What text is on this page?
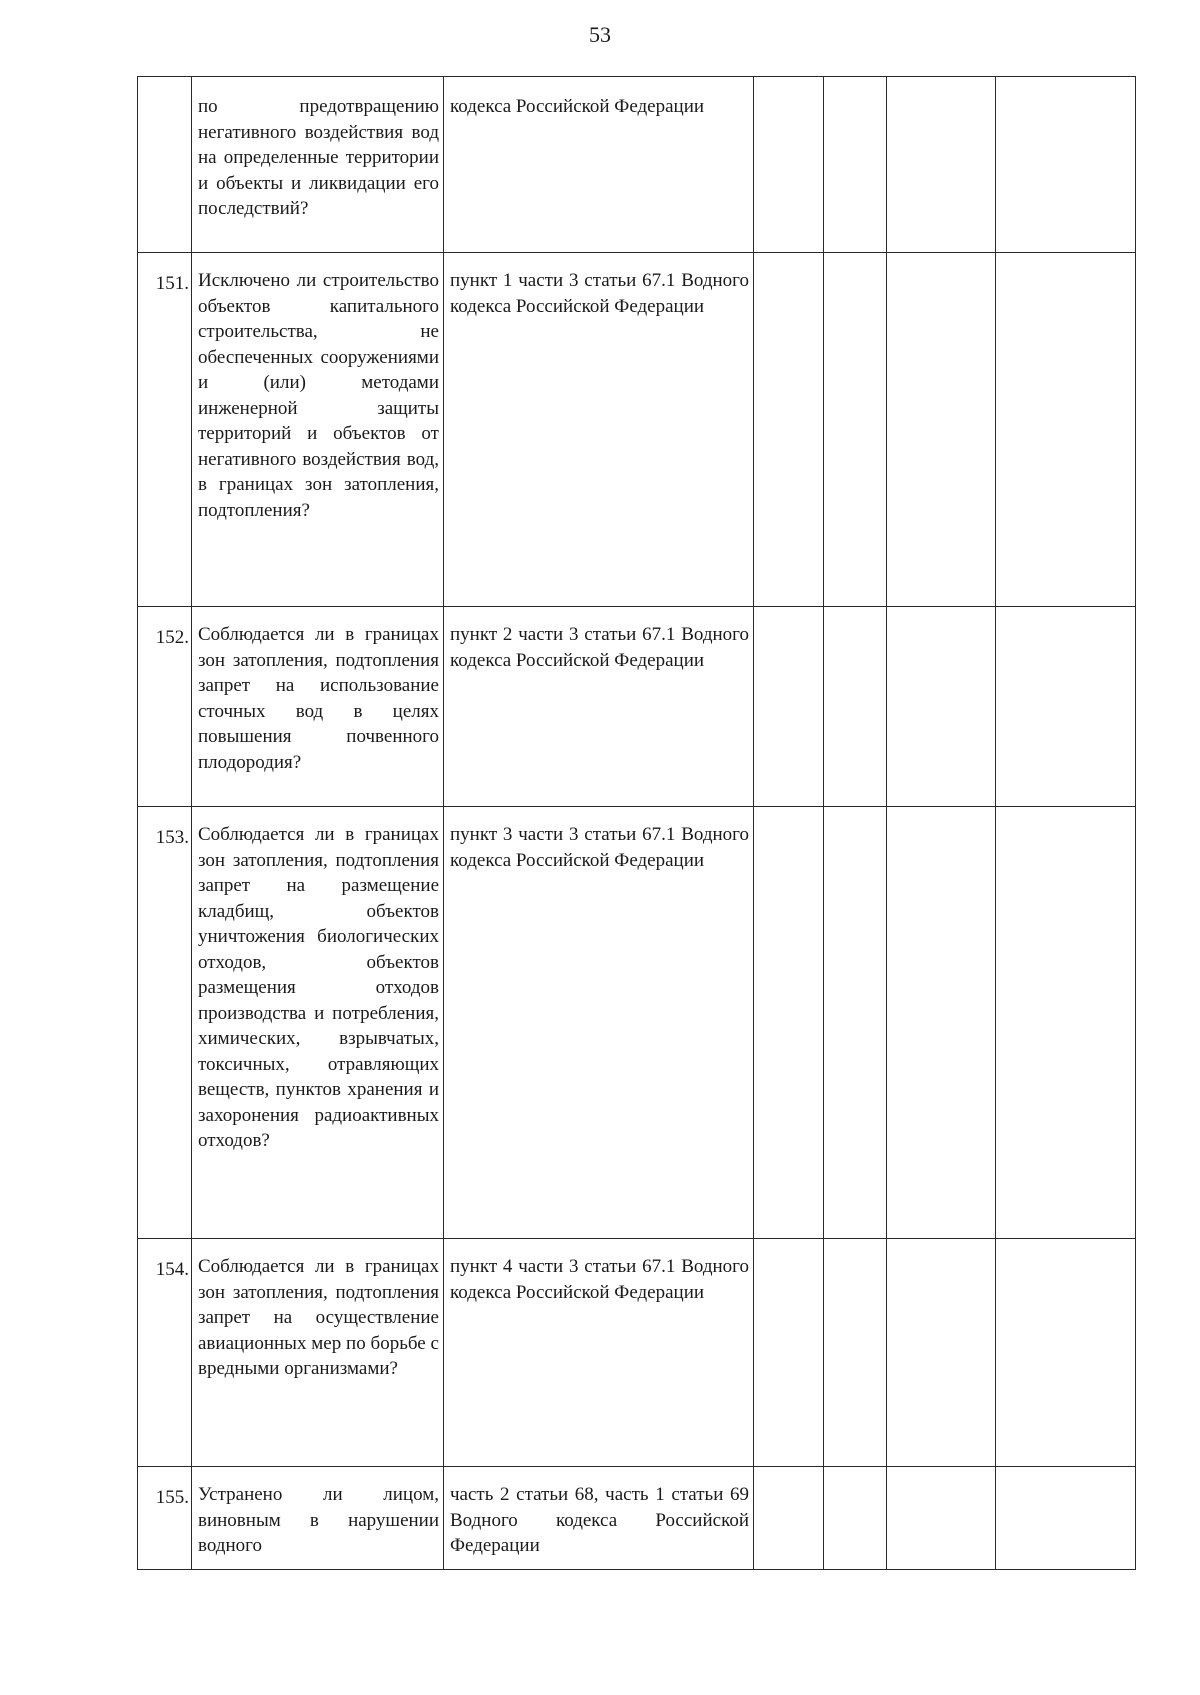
53
	по предотвращению негативного воздействия вод на определенные территории и объекты и ликвидации его последствий?	кодекса Российской Федерации				
151.	Исключено ли строительство объектов капитального строительства, не обеспеченных сооружениями и (или) методами инженерной защиты территорий и объектов от негативного воздействия вод, в границах зон затопления, подтопления?	пункт 1 части 3 статьи 67.1 Водного кодекса Российской Федерации				
152.	Соблюдается ли в границах зон затопления, подтопления запрет на использование сточных вод в целях повышения почвенного плодородия?	пункт 2 части 3 статьи 67.1 Водного кодекса Российской Федерации				
153.	Соблюдается ли в границах зон затопления, подтопления запрет на размещение кладбищ, объектов уничтожения биологических отходов, объектов размещения отходов производства и потребления, химических, взрывчатых, токсичных, отравляющих веществ, пунктов хранения и захоронения радиоактивных отходов?	пункт 3 части 3 статьи 67.1 Водного кодекса Российской Федерации				
154.	Соблюдается ли в границах зон затопления, подтопления запрет на осуществление авиационных мер по борьбе с вредными организмами?	пункт 4 части 3 статьи 67.1 Водного кодекса Российской Федерации				
155.	Устранено ли лицом, виновным в нарушении водного	часть 2 статьи 68, часть 1 статьи 69 Водного кодекса Российской Федерации				
